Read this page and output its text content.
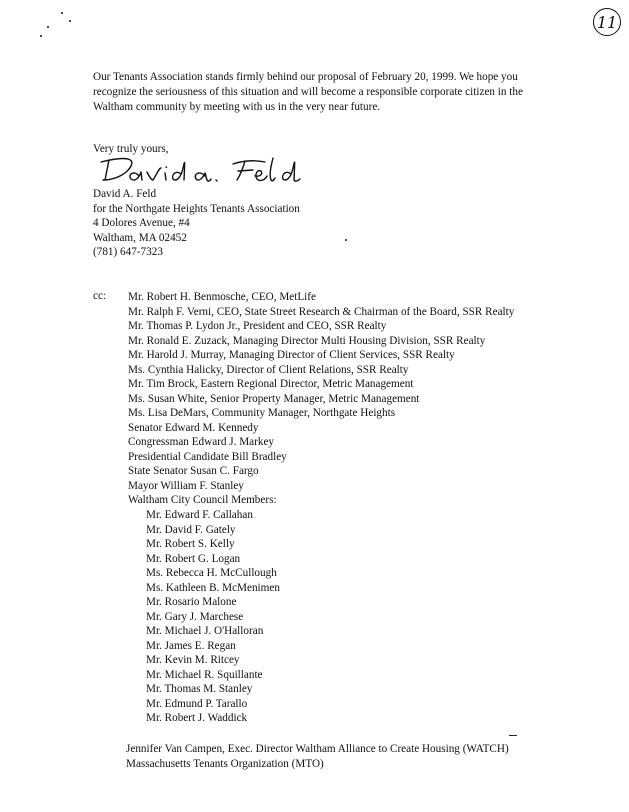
11
Our Tenants Association stands firmly behind our proposal of February 20, 1999. We hope you
recognize the seriousness of this situation and will become a responsible corporate citizen in the
Waltham community by meeting with us in the very near future.
Very truly yours,
David A. Feld
for the Northgate Heights Tenants Association
4 Dolores Avenue, #4
Waltham, MA 02452
(781) 647-7323
cc: Mr. Robert H. Benmosche, CEO, MetLife
Mr. Ralph F. Verni, CEO, State Street Research & Chairman of the Board, SSR Realty
Mr. Thomas P. Lydon Jr., President and CEO, SSR Realty
Mr. Ronald E. Zuzack, Managing Director Multi Housing Division, SSR Realty
Mr. Harold J. Murray, Managing Director of Client Services, SSR Realty
Ms. Cynthia Halicky, Director of Client Relations, SSR Realty
Mr. Tim Brock, Eastern Regional Director, Metric Management
Ms. Susan White, Senior Property Manager, Metric Management
Ms. Lisa DeMars, Community Manager, Northgate Heights
Senator Edward M. Kennedy
Congressman Edward J. Markey
Presidential Candidate Bill Bradley
State Senator Susan C. Fargo
Mayor William F. Stanley
Waltham City Council Members:
Mr. Edward F. Callahan
Mr. David F. Gately
Mr. Robert S. Kelly
Mr. Robert G. Logan
Ms. Rebecca H. McCullough
Ms. Kathleen B. McMenimen
Mr. Rosario Malone
Mr. Gary J. Marchese
Mr. Michael J. O'Halloran
Mr. James E. Regan
Mr. Kevin M. Ritcey
Mr. Michael R. Squillante
Mr. Thomas M. Stanley
Mr. Edmund P. Tarallo
Mr. Robert J. Waddick
Jennifer Van Campen, Exec. Director Waltham Alliance to Create Housing (WATCH)
Massachusetts Tenants Organization (MTO)
